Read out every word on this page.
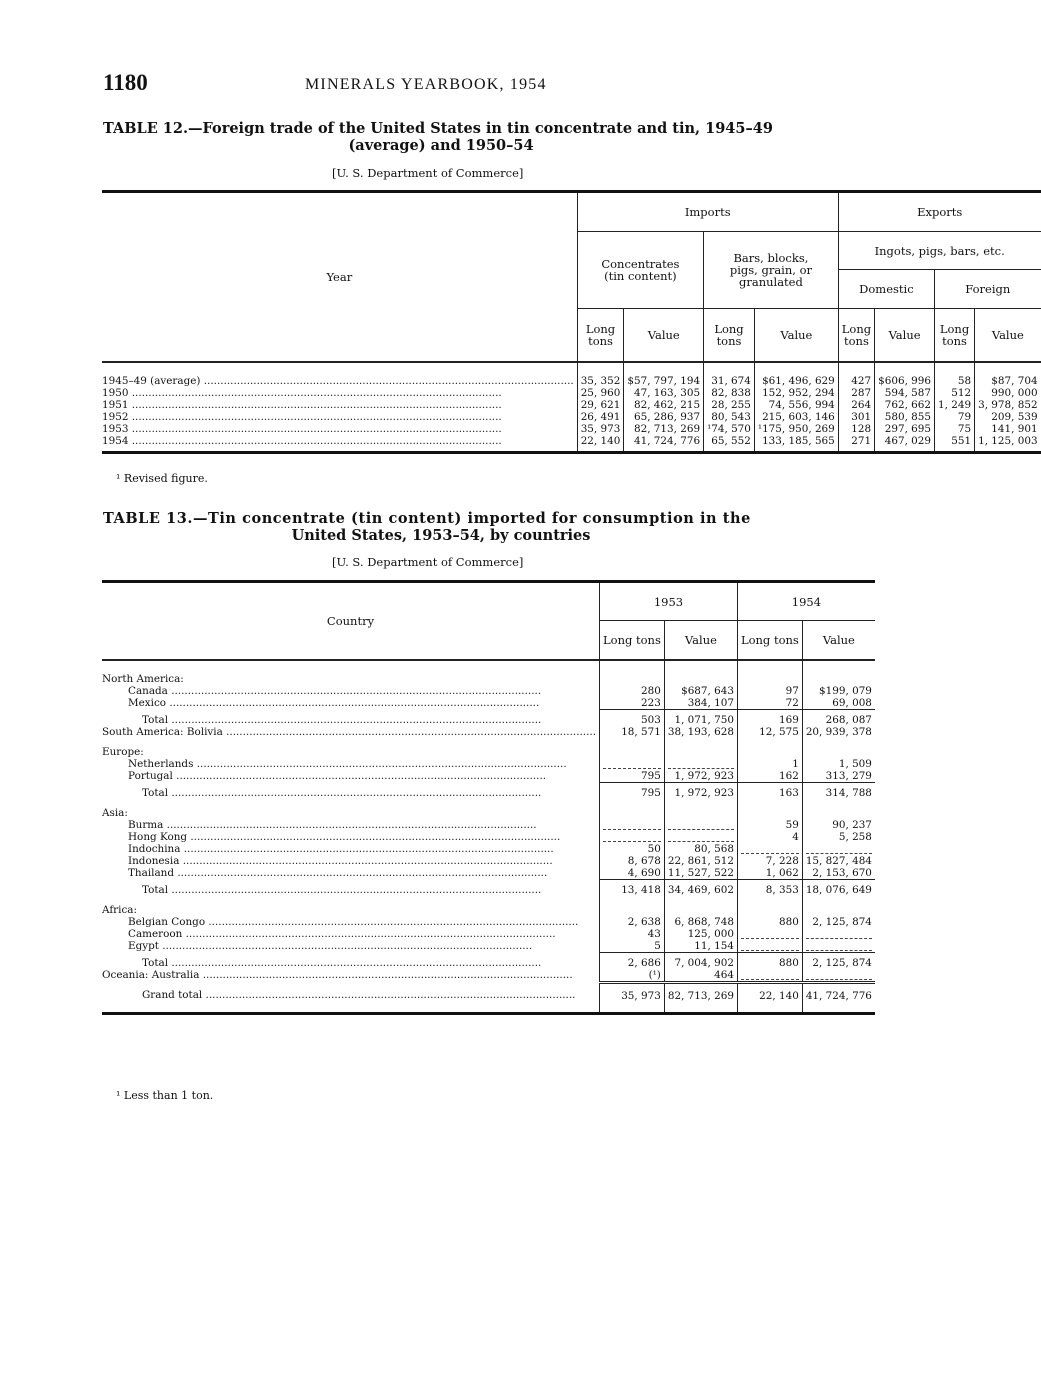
1180	MINERALS YEARBOOK, 1954
TABLE 12.—Foreign trade of the United States in tin concentrate and tin, 1945–49
(average) and 1950–54
[U. S. Department of Commerce]
Year	Imports				Exports			
	Concentrates (tin content)		Bars, blocks, pigs, grain, or granulated		Ingots, pigs, bars, etc.			
					Domestic		Foreign	
	Long tons	Value	Long tons	Value	Long tons	Value	Long tons	Value

1945–49 (average) .....	35, 352	$57, 797, 194	31, 674	$61, 496, 629	427	$606, 996	58	$87, 704

1950 .....	25, 960	47, 163, 305	82, 838	152, 952, 294	287	594, 587	512	990, 000

1951 .....	29, 621	82, 462, 215	28, 255	74, 556, 994	264	762, 662	1, 249	3, 978, 852

1952 .....	26, 491	65, 286, 937	80, 543	215, 603, 146	301	580, 855	79	209, 539

1953 .....	35, 973	82, 713, 269	¹74, 570	¹175, 950, 269	128	297, 695	75	141, 901

1954 .....	22, 140	41, 724, 776	65, 552	133, 185, 565	271	467, 029	551	1, 125, 003
¹ Revised figure.
TABLE 13.—Tin concentrate (tin content) imported for consumption in the
United States, 1953–54, by countries
[U. S. Department of Commerce]
Country	1953		1954	
	Long tons	Value	Long tons	Value
North America:				

Canada .....	280	$687, 643	97	$199, 079

Mexico .....	223	384, 107	72	69, 008

Total .....	503	1, 071, 750	169	268, 087

South America: Bolivia .....	18, 571	38, 193, 628	12, 575	20, 939, 378
Europe:				

Netherlands .....			1	1, 509

Portugal .....	795	1, 972, 923	162	313, 279

Total .....	795	1, 972, 923	163	314, 788
Asia:				

Burma .....			59	90, 237

Hong Kong .....			4	5, 258

Indochina .....	50	80, 568	

Indonesia .....	8, 678	22, 861, 512	7, 228	15, 827, 484

Thailand .....	4, 690	11, 527, 522	1, 062	2, 153, 670

Total .....	13, 418	34, 469, 602	8, 353	18, 076, 649
Africa:				

Belgian Congo .....	2, 638	6, 868, 748	880	2, 125, 874

Cameroon .....	43	125, 000	

Egypt .....	5	11, 154	

Total .....	2, 686	7, 004, 902	880	2, 125, 874

Oceania: Australia .....	(¹)	464	

Grand total .....	35, 973	82, 713, 269	22, 140	41, 724, 776
¹ Less than 1 ton.
